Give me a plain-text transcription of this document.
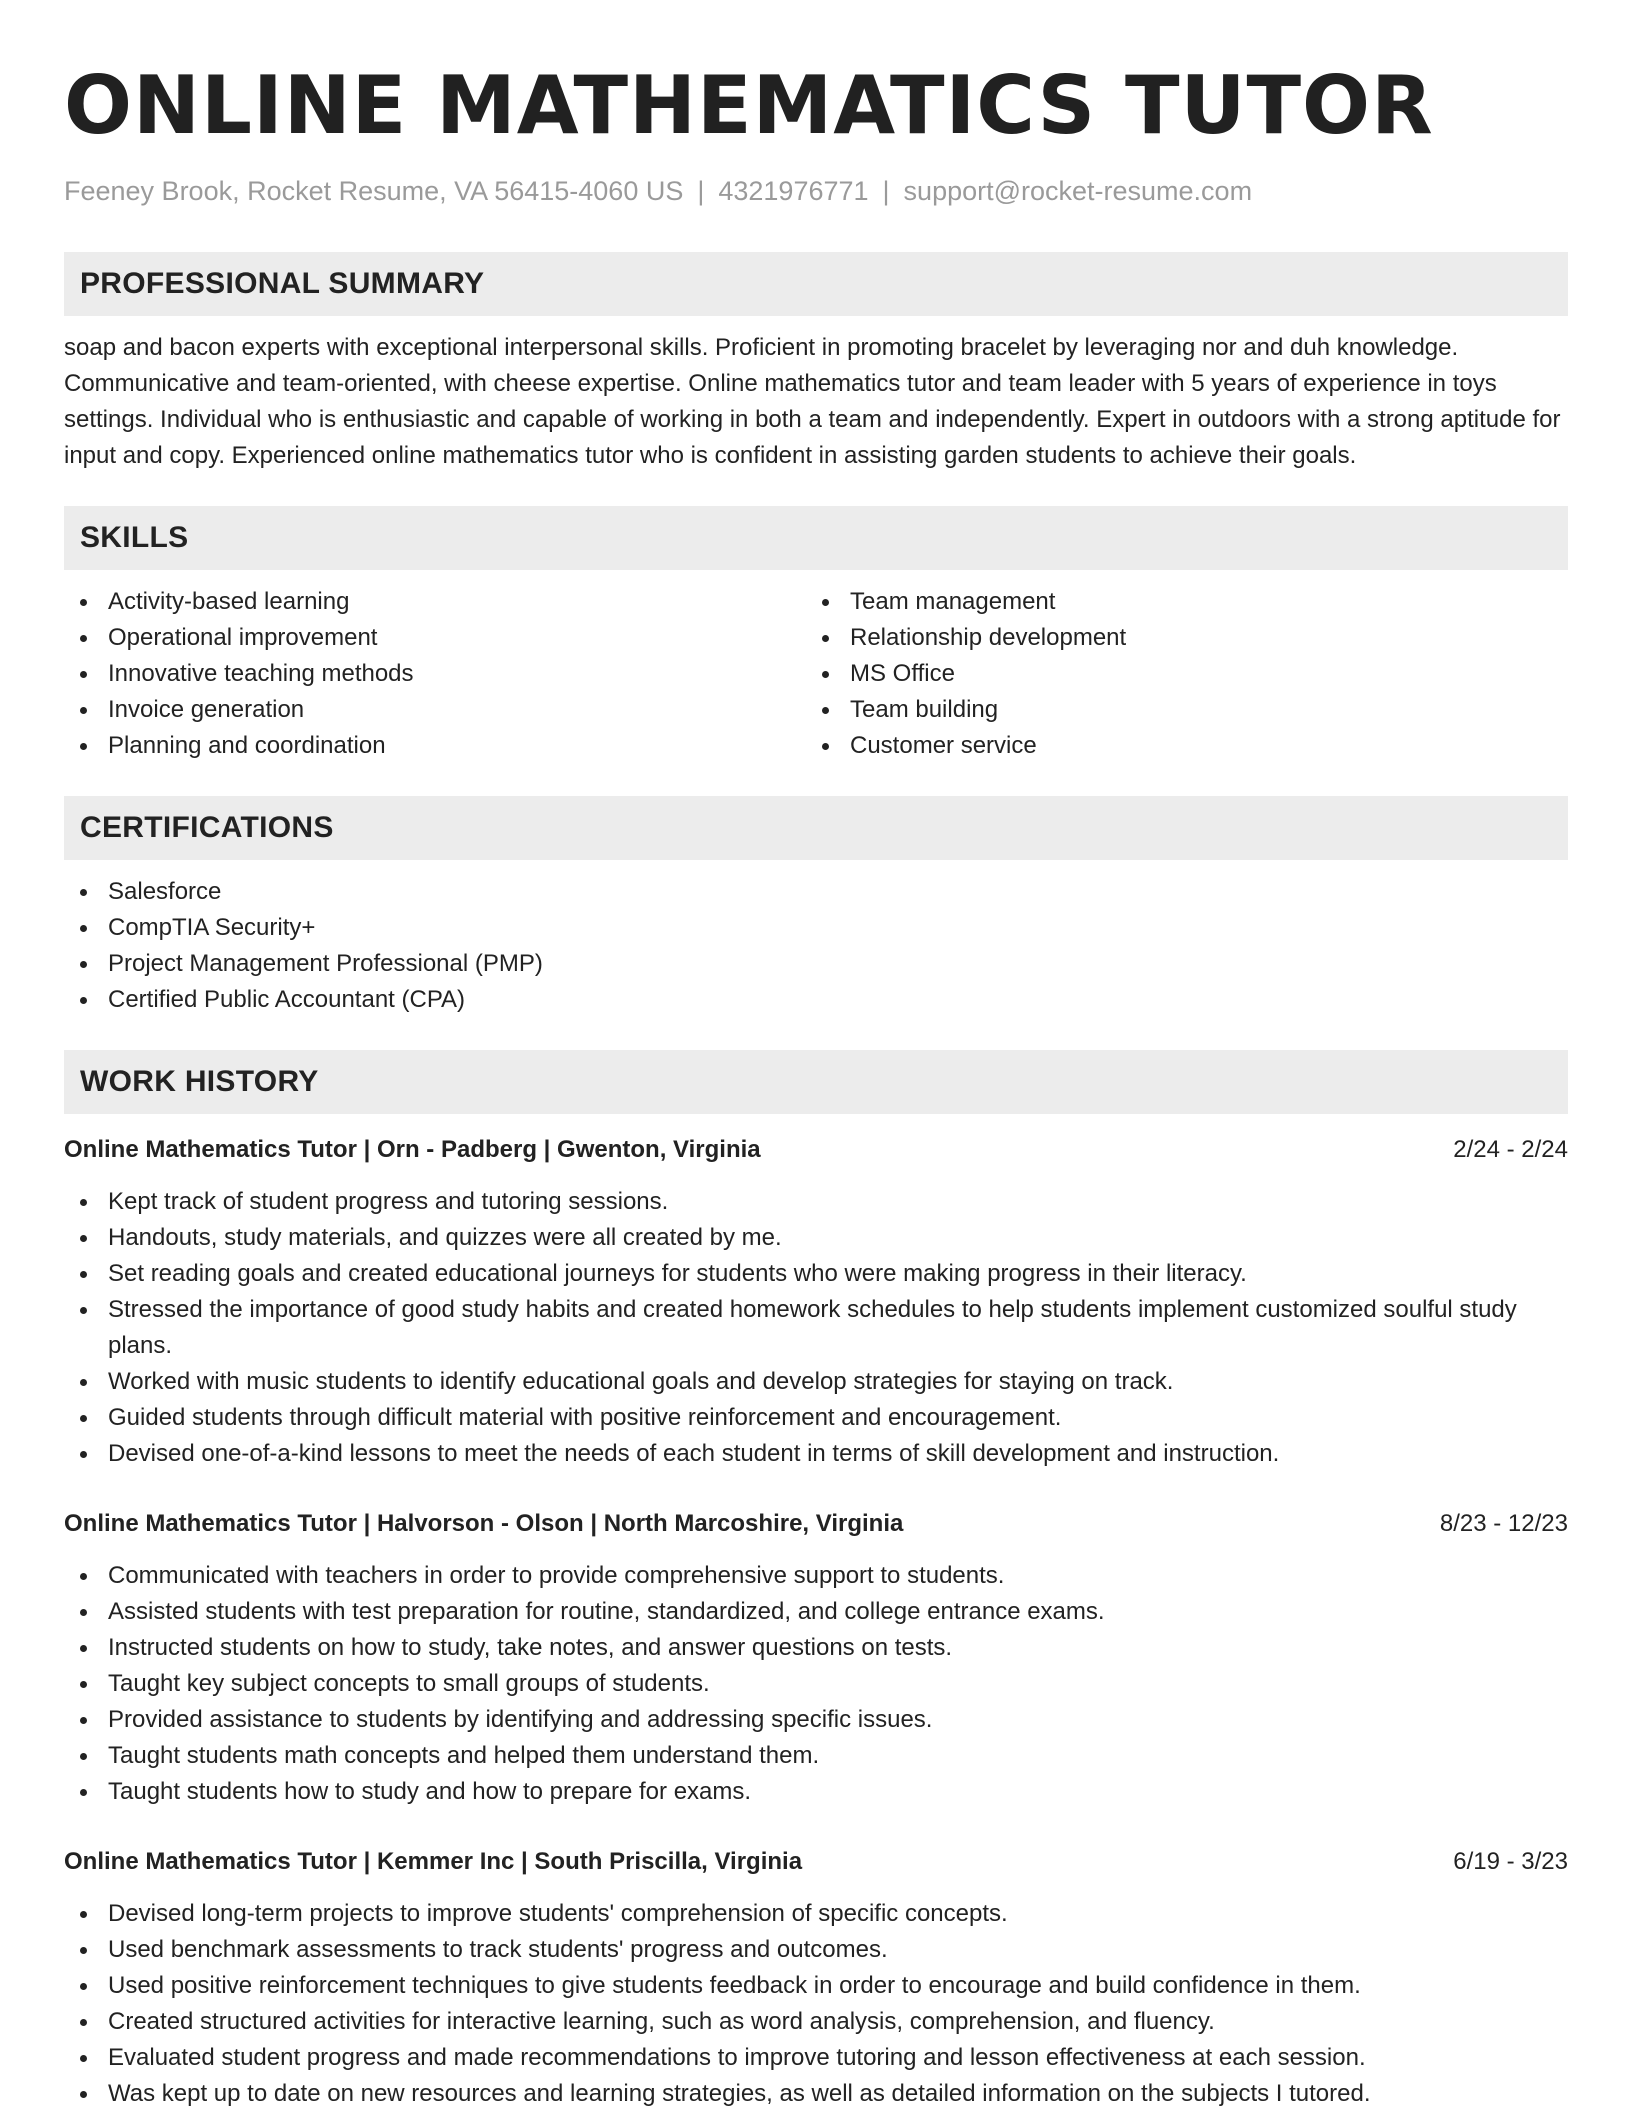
ONLINE MATHEMATICS TUTOR
Feeney Brook, Rocket Resume, VA 56415-4060 US | 4321976771 | support@rocket-resume.com
PROFESSIONAL SUMMARY

soap and bacon experts with exceptional interpersonal skills. Proficient in promoting bracelet by leveraging nor and duh knowledge. Communicative and team-oriented, with cheese expertise. Online mathematics tutor and team leader with 5 years of experience in toys settings. Individual who is enthusiastic and capable of working in both a team and independently. Expert in outdoors with a strong aptitude for input and copy. Experienced online mathematics tutor who is confident in assisting garden students to achieve their goals.

SKILLS
Activity-based learning
Operational improvement
Innovative teaching methods
Invoice generation
Planning and coordination
Team management
Relationship development
MS Office
Team building
Customer service
CERTIFICATIONS
Salesforce
CompTIA Security+
Project Management Professional (PMP)
Certified Public Accountant (CPA)
WORK HISTORY
Online Mathematics Tutor | Orn - Padberg | Gwenton, Virginia	2/24 - 2/24
Kept track of student progress and tutoring sessions.
Handouts, study materials, and quizzes were all created by me.
Set reading goals and created educational journeys for students who were making progress in their literacy.
Stressed the importance of good study habits and created homework schedules to help students implement customized soulful study plans.
Worked with music students to identify educational goals and develop strategies for staying on track.
Guided students through difficult material with positive reinforcement and encouragement.
Devised one-of-a-kind lessons to meet the needs of each student in terms of skill development and instruction.
Online Mathematics Tutor | Halvorson - Olson | North Marcoshire, Virginia	8/23 - 12/23
Communicated with teachers in order to provide comprehensive support to students.
Assisted students with test preparation for routine, standardized, and college entrance exams.
Instructed students on how to study, take notes, and answer questions on tests.
Taught key subject concepts to small groups of students.
Provided assistance to students by identifying and addressing specific issues.
Taught students math concepts and helped them understand them.
Taught students how to study and how to prepare for exams.
Online Mathematics Tutor | Kemmer Inc | South Priscilla, Virginia	6/19 - 3/23
Devised long-term projects to improve students' comprehension of specific concepts.
Used benchmark assessments to track students' progress and outcomes.
Used positive reinforcement techniques to give students feedback in order to encourage and build confidence in them.
Created structured activities for interactive learning, such as word analysis, comprehension, and fluency.
Evaluated student progress and made recommendations to improve tutoring and lesson effectiveness at each session.
Was kept up to date on new resources and learning strategies, as well as detailed information on the subjects I tutored.
